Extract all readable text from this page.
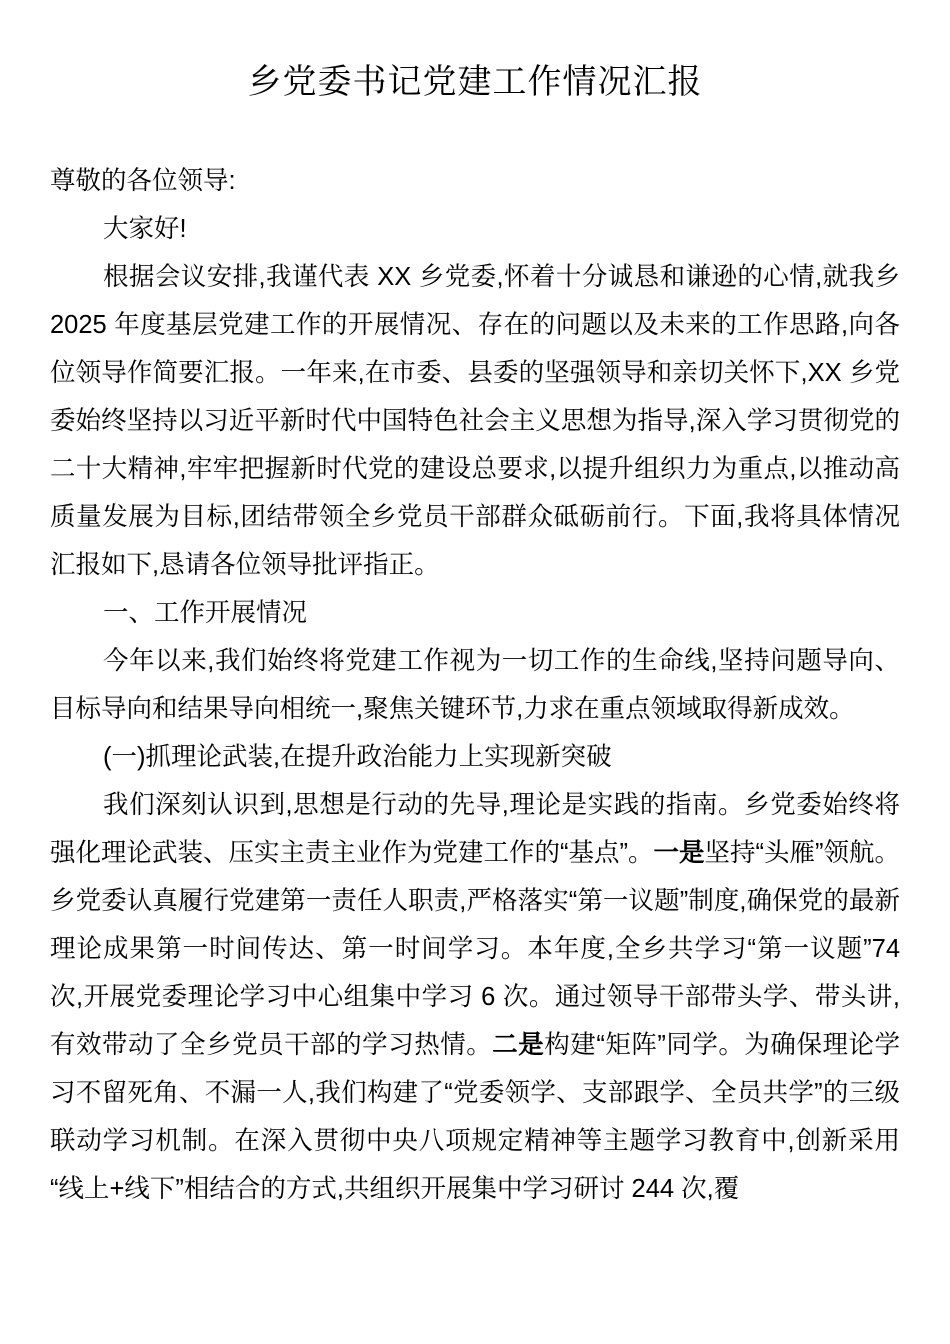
乡党委书记党建工作情况汇报

尊敬的各位领导:

大家好!

根据会议安排,我谨代表 XX 乡党委,怀着十分诚恳和谦逊的心情,就我乡 2025 年度基层党建工作的开展情况、存在的问题以及未来的工作思路,向各位领导作简要汇报。一年来,在市委、县委的坚强领导和亲切关怀下,XX 乡党委始终坚持以习近平新时代中国特色社会主义思想为指导,深入学习贯彻党的二十大精神,牢牢把握新时代党的建设总要求,以提升组织力为重点,以推动高质量发展为目标,团结带领全乡党员干部群众砥砺前行。下面,我将具体情况汇报如下,恳请各位领导批评指正。

一、工作开展情况

今年以来,我们始终将党建工作视为一切工作的生命线,坚持问题导向、目标导向和结果导向相统一,聚焦关键环节,力求在重点领域取得新成效。

(一)抓理论武装,在提升政治能力上实现新突破

我们深刻认识到,思想是行动的先导,理论是实践的指南。乡党委始终将强化理论武装、压实主责主业作为党建工作的“基点”。一是坚持“头雁”领航。乡党委认真履行党建第一责任人职责,严格落实“第一议题”制度,确保党的最新理论成果第一时间传达、第一时间学习。本年度,全乡共学习“第一议题”74 次,开展党委理论学习中心组集中学习 6 次。通过领导干部带头学、带头讲,有效带动了全乡党员干部的学习热情。二是构建“矩阵”同学。为确保理论学习不留死角、不漏一人,我们构建了“党委领学、支部跟学、全员共学”的三级联动学习机制。在深入贯彻中央八项规定精神等主题学习教育中,创新采用“线上+线下”相结合的方式,共组织开展集中学习研讨 244 次,覆
